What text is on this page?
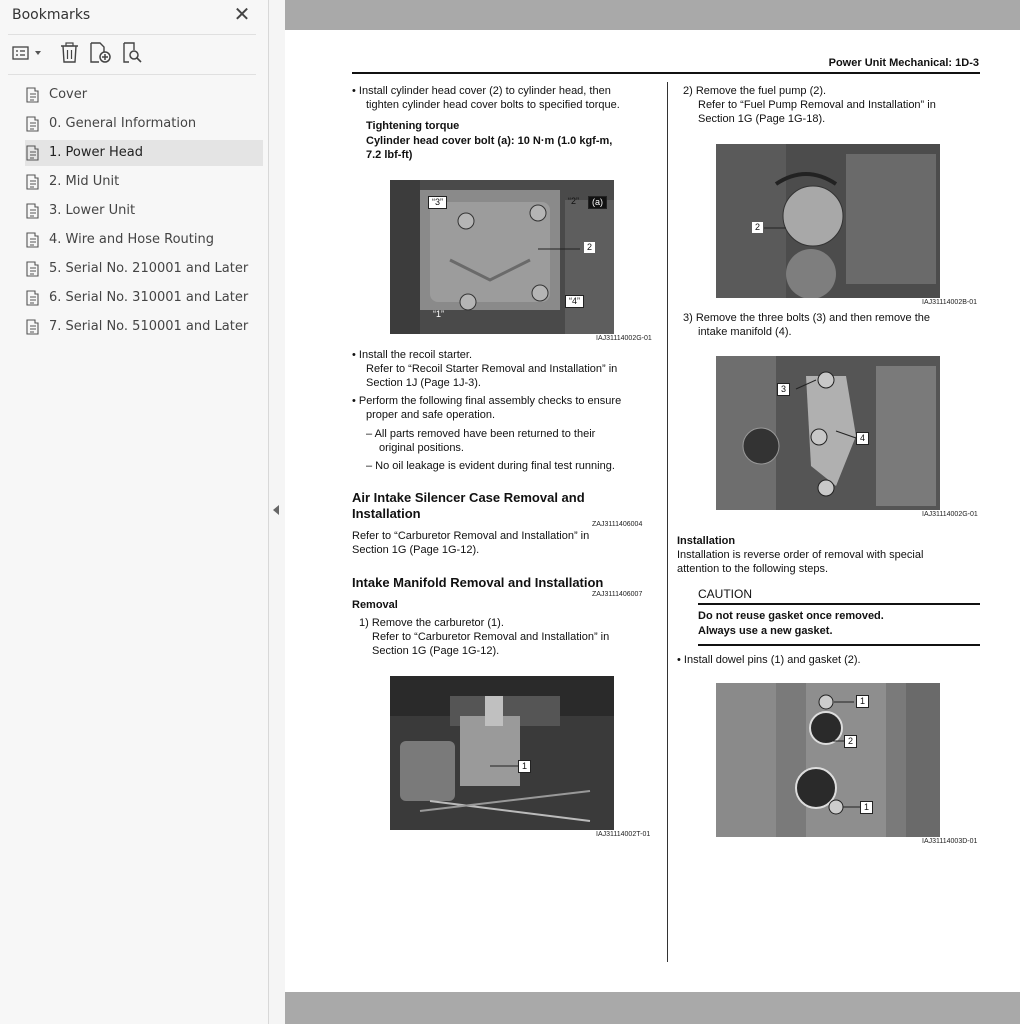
Bookmarks	✕
Cover
0. General Information
1. Power Head
2. Mid Unit
3. Lower Unit
4. Wire and Hose Routing
5. Serial No. 210001 and Later
6. Serial No. 310001 and Later
7. Serial No. 510001 and Later
Power Unit Mechanical: 1D-3
• Install cylinder head cover (2) to cylinder head, then
tighten cylinder head cover bolts to specified torque.
Tightening torque
Cylinder head cover bolt (a): 10 N·m (1.0 kgf-m,
7.2 lbf-ft)
“3”	“2”	(a)
2
“1”
“4”
IAJ31114002G-01
• Install the recoil starter.
Refer to “Recoil Starter Removal and Installation” in
Section 1J (Page 1J-3).
• Perform the following final assembly checks to ensure
proper and safe operation.
– All parts removed have been returned to their
original positions.
– No oil leakage is evident during final test running.
Air Intake Silencer Case Removal and
Installation
ZAJ3111406004
Refer to “Carburetor Removal and Installation” in
Section 1G (Page 1G-12).
Intake Manifold Removal and Installation
ZAJ3111406007
Removal
1) Remove the carburetor (1).
Refer to “Carburetor Removal and Installation” in
Section 1G (Page 1G-12).
1
IAJ31114002T-01
2) Remove the fuel pump (2).
Refer to “Fuel Pump Removal and Installation” in
Section 1G (Page 1G-18).
2
IAJ31114002B-01
3) Remove the three bolts (3) and then remove the
intake manifold (4).
3
4
IAJ31114002G-01
Installation
Installation is reverse order of removal with special
attention to the following steps.
CAUTION
Do not reuse gasket once removed.
Always use a new gasket.
• Install dowel pins (1) and gasket (2).
1
2
1
IAJ31114003D-01
